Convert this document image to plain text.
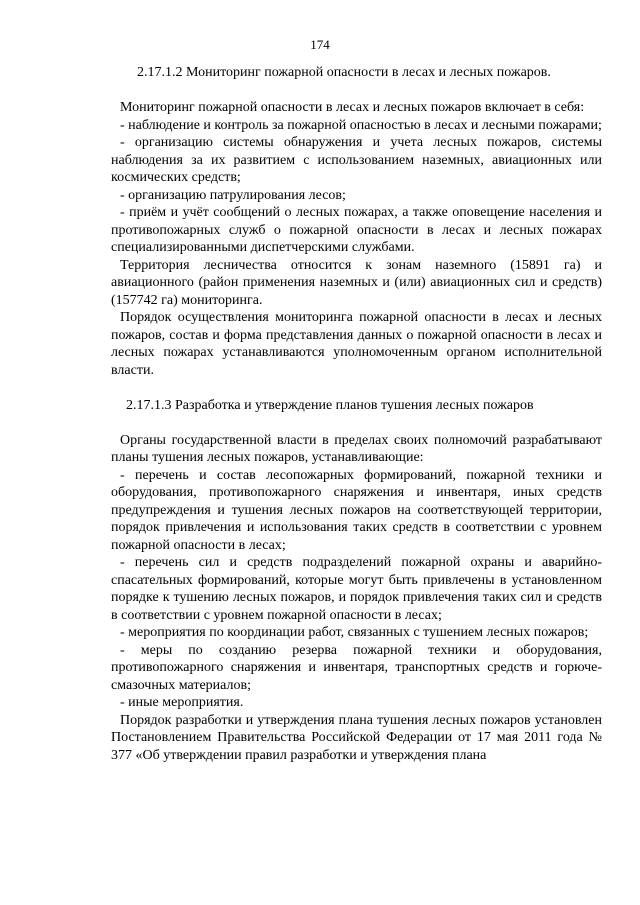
174
2.17.1.2 Мониторинг пожарной опасности в лесах и лесных пожаров.

Мониторинг пожарной опасности в лесах и лесных пожаров включает в себя:

- наблюдение и контроль за пожарной опасностью в лесах и лесными пожарами;

- организацию системы обнаружения и учета лесных пожаров, системы наблюдения за их развитием с использованием наземных, авиационных или космических средств;

- организацию патрулирования лесов;

- приём и учёт сообщений о лесных пожарах, а также оповещение населения и противопожарных служб о пожарной опасности в лесах и лесных пожарах специализированными диспетчерскими службами.

Территория лесничества относится к зонам наземного (15891 га) и авиационного (район применения наземных и (или) авиационных сил и средств) (157742 га) мониторинга.

Порядок осуществления мониторинга пожарной опасности в лесах и лесных пожаров, состав и форма представления данных о пожарной опасности в лесах и лесных пожарах устанавливаются уполномоченным органом исполнительной власти.

2.17.1.3 Разработка и утверждение планов тушения лесных пожаров

Органы государственной власти в пределах своих полномочий разрабатывают планы тушения лесных пожаров, устанавливающие:

- перечень и состав лесопожарных формирований, пожарной техники и оборудования, противопожарного снаряжения и инвентаря, иных средств предупреждения и тушения лесных пожаров на соответствующей территории, порядок привлечения и использования таких средств в соответствии с уровнем пожарной опасности в лесах;

- перечень сил и средств подразделений пожарной охраны и аварийно-спасательных формирований, которые могут быть привлечены в установленном порядке к тушению лесных пожаров, и порядок привлечения таких сил и средств в соответствии с уровнем пожарной опасности в лесах;

- мероприятия по координации работ, связанных с тушением лесных пожаров;

- меры по созданию резерва пожарной техники и оборудования, противопожарного снаряжения и инвентаря, транспортных средств и горюче-смазочных материалов;

- иные мероприятия.

Порядок разработки и утверждения плана тушения лесных пожаров установлен Постановлением Правительства Российской Федерации от 17 мая 2011 года № 377 «Об утверждении правил разработки и утверждения плана
